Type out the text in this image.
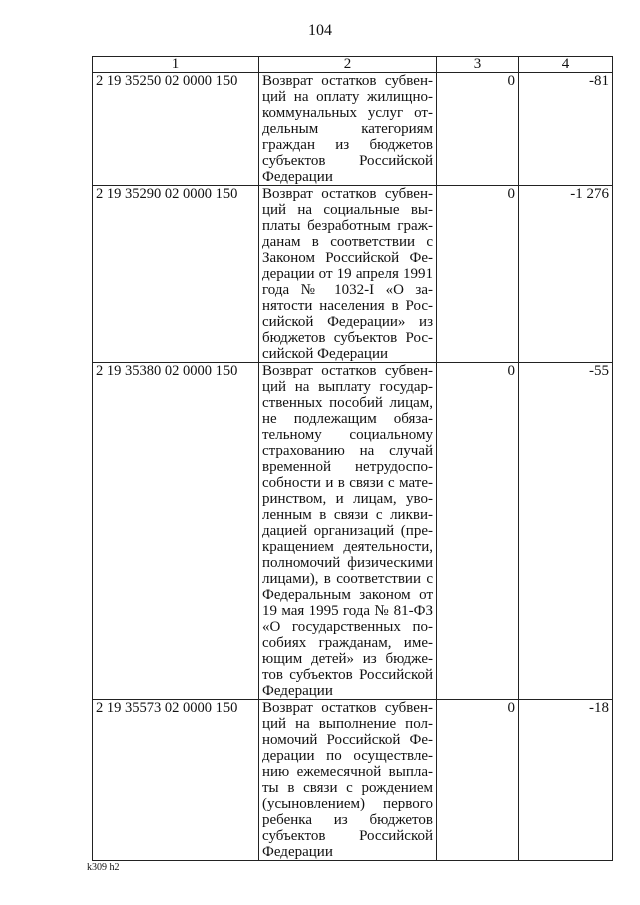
104
1	2	3	4
2 19 35250 02 0000 150	Возврат остатков субвенций на оплату жилищно-коммунальных услуг отдельным категориям граждан из бюджетов субъектов Российской Федерации	0	-81
2 19 35290 02 0000 150	Возврат остатков субвенций на социальные выплаты безработным гражданам в соответствии с Законом Российской Федерации от 19 апреля 1991 года № 1032-I «О занятости населения в Российской Федерации» из бюджетов субъектов Российской Федерации	0	-1 276
2 19 35380 02 0000 150	Возврат остатков субвенций на выплату государственных пособий лицам, не подлежащим обязательному социальному страхованию на случай временной нетрудоспособности и в связи с материнством, и лицам, уволенным в связи с ликвидацией организаций (прекращением деятельности, полномочий физическими лицами), в соответствии с Федеральным законом от 19 мая 1995 года № 81-ФЗ «О государственных пособиях гражданам, имеющим детей» из бюджетов субъектов Российской Федерации	0	-55
2 19 35573 02 0000 150	Возврат остатков субвенций на выполнение полномочий Российской Федерации по осуществлению ежемесячной выплаты в связи с рождением (усыновлением) первого ребенка из бюджетов субъектов Российской Федерации	0	-18
k309 h2
